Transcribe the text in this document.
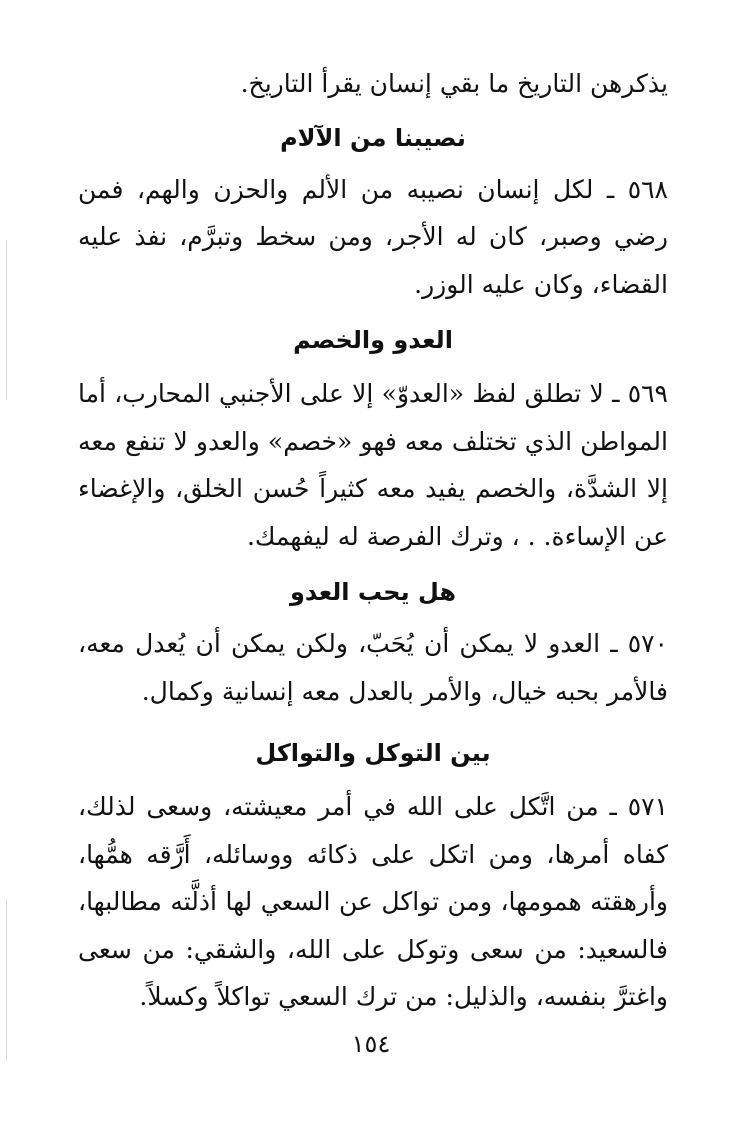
يذكرهن التاريخ ما بقي إنسان يقرأ التاريخ.

نصيبنا من الآلام

٥٦٨ ـ لكل إنسان نصيبه من الألم والحزن والهم، فمن رضي وصبر، كان له الأجر، ومن سخط وتبرَّم، نفذ عليه القضاء، وكان عليه الوزر.

العدو والخصم

٥٦٩ ـ لا تطلق لفظ «العدوّ» إلا على الأجنبي المحارب، أما المواطن الذي تختلف معه فهو «خصم» والعدو لا تنفع معه إلا الشدَّة، والخصم يفيد معه كثيراً حُسن الخلق، والإغضاء عن الإساءة. . ، وترك الفرصة له ليفهمك.

هل يحب العدو

٥٧٠ ـ العدو لا يمكن أن يُحَبّ، ولكن يمكن أن يُعدل معه، فالأمر بحبه خيال، والأمر بالعدل معه إنسانية وكمال.

بين التوكل والتواكل

٥٧١ ـ من اتَّكل على الله في أمر معيشته، وسعى لذلك، كفاه أمرها، ومن اتكل على ذكائه ووسائله، أَرَّقه همُّها، وأرهقته همومها، ومن تواكل عن السعي لها أذلَّته مطالبها، فالسعيد: من سعى وتوكل على الله، والشقي: من سعى واغترَّ بنفسه، والذليل: من ترك السعي تواكلاً وكسلاً.

١٥٤
